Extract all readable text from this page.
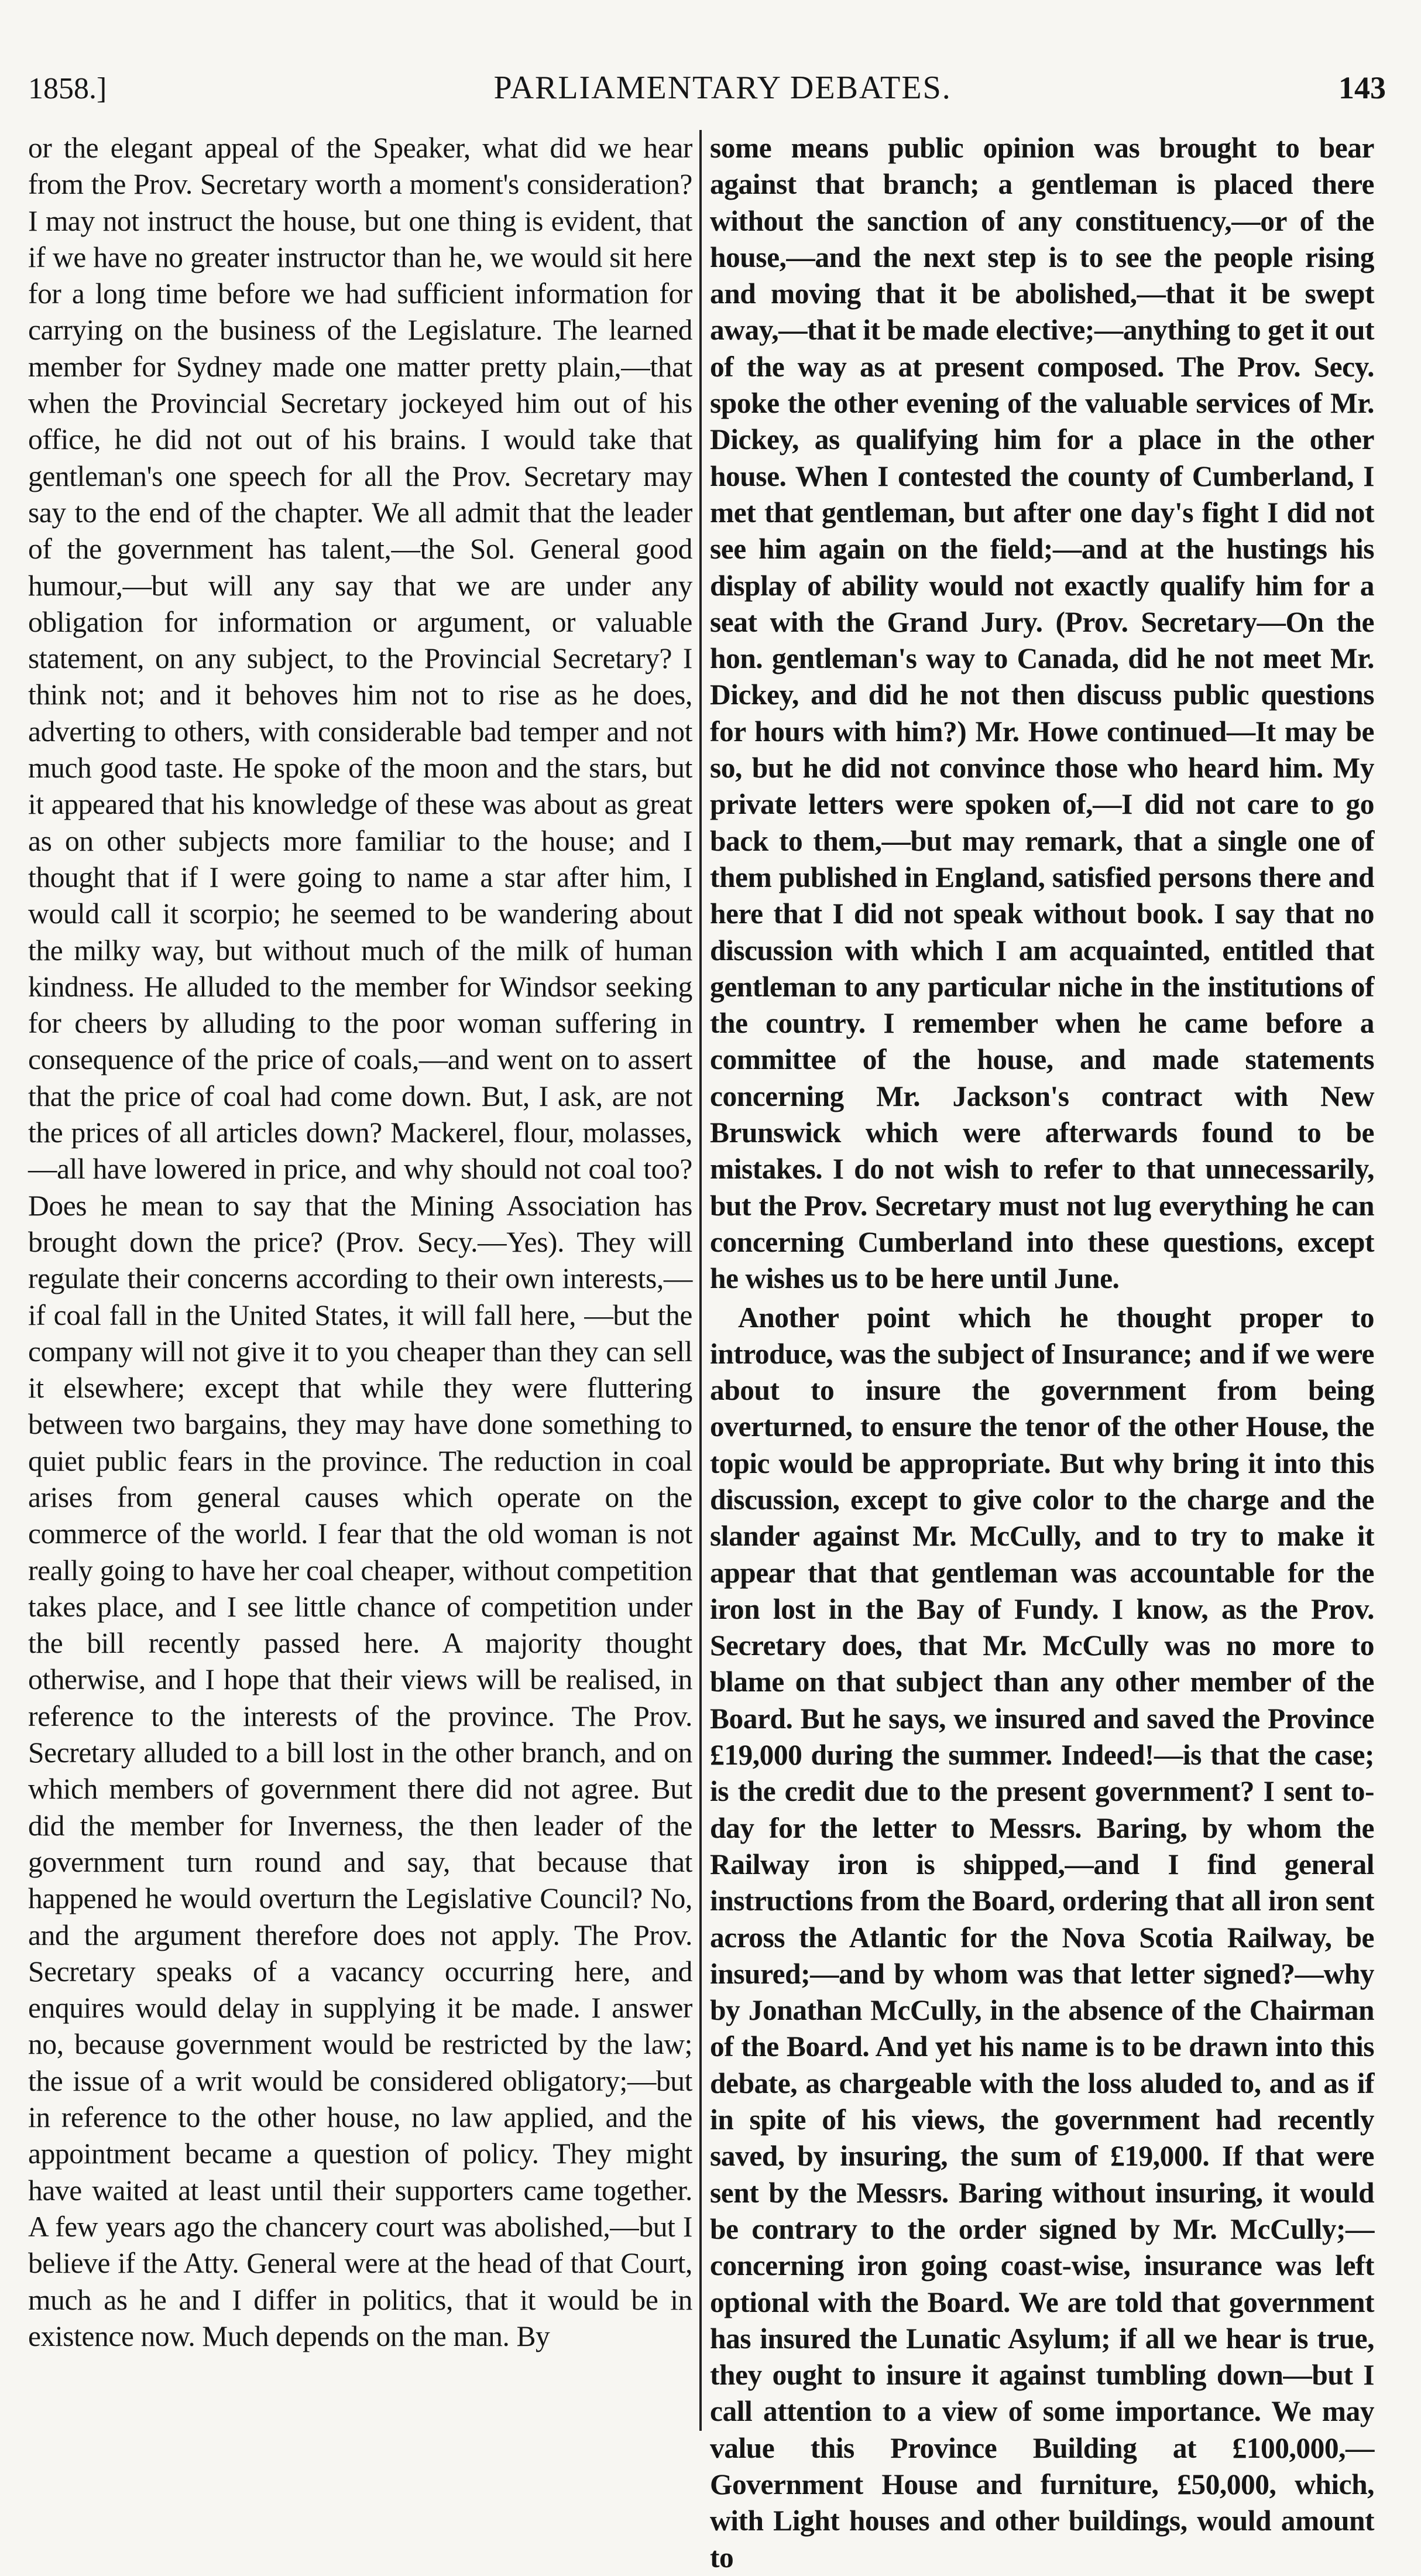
1858.]	PARLIAMENTARY DEBATES.	143

or the elegant appeal of the Speaker, what did we hear from the Prov. Secretary worth a moment's consideration? I may not instruct the house, but one thing is evident, that if we have no greater instructor than he, we would sit here for a long time before we had sufficient information for carrying on the business of the Legislature. The learned member for Sydney made one matter pretty plain,—that when the Provincial Secretary jockeyed him out of his office, he did not out of his brains. I would take that gentleman's one speech for all the Prov. Secretary may say to the end of the chapter. We all admit that the leader of the government has talent,—the Sol. General good humour,—but will any say that we are under any obligation for information or argument, or valuable statement, on any subject, to the Provincial Secretary? I think not; and it behoves him not to rise as he does, adverting to others, with considerable bad temper and not much good taste. He spoke of the moon and the stars, but it appeared that his knowledge of these was about as great as on other subjects more familiar to the house; and I thought that if I were going to name a star after him, I would call it scorpio; he seemed to be wandering about the milky way, but without much of the milk of human kindness. He alluded to the member for Windsor seeking for cheers by alluding to the poor woman suffering in consequence of the price of coals,—and went on to assert that the price of coal had come down. But, I ask, are not the prices of all articles down? Mackerel, flour, molasses,—all have lowered in price, and why should not coal too? Does he mean to say that the Mining Association has brought down the price? (Prov. Secy.—Yes). They will regulate their concerns according to their own interests,—if coal fall in the United States, it will fall here, —but the company will not give it to you cheaper than they can sell it elsewhere; except that while they were fluttering between two bargains, they may have done something to quiet public fears in the province. The reduction in coal arises from general causes which operate on the commerce of the world. I fear that the old woman is not really going to have her coal cheaper, without competition takes place, and I see little chance of competition under the bill recently passed here. A majority thought otherwise, and I hope that their views will be realised, in reference to the interests of the province. The Prov. Secretary alluded to a bill lost in the other branch, and on which members of government there did not agree. But did the member for Inverness, the then leader of the government turn round and say, that because that happened he would overturn the Legislative Council? No, and the argument therefore does not apply. The Prov. Secretary speaks of a vacancy occurring here, and enquires would delay in supplying it be made. I answer no, because government would be restricted by the law; the issue of a writ would be considered obligatory;—but in reference to the other house, no law applied, and the appointment became a question of policy. They might have waited at least until their supporters came together. A few years ago the chancery court was abolished,—but I believe if the Atty. General were at the head of that Court, much as he and I differ in politics, that it would be in existence now. Much depends on the man. By

some means public opinion was brought to bear against that branch; a gentleman is placed there without the sanction of any constituency,—or of the house,—and the next step is to see the people rising and moving that it be abolished,—that it be swept away,—that it be made elective;—anything to get it out of the way as at present composed. The Prov. Secy. spoke the other evening of the valuable services of Mr. Dickey, as qualifying him for a place in the other house. When I contested the county of Cumberland, I met that gentleman, but after one day's fight I did not see him again on the field;—and at the hustings his display of ability would not exactly qualify him for a seat with the Grand Jury. (Prov. Secretary—On the hon. gentleman's way to Canada, did he not meet Mr. Dickey, and did he not then discuss public questions for hours with him?) Mr. Howe continued—It may be so, but he did not convince those who heard him. My private letters were spoken of,—I did not care to go back to them,—but may remark, that a single one of them published in England, satisfied persons there and here that I did not speak without book. I say that no discussion with which I am acquainted, entitled that gentleman to any particular niche in the institutions of the country. I remember when he came before a committee of the house, and made statements concerning Mr. Jackson's contract with New Brunswick which were afterwards found to be mistakes. I do not wish to refer to that unnecessarily, but the Prov. Secretary must not lug everything he can concerning Cumberland into these questions, except he wishes us to be here until June.

Another point which he thought proper to introduce, was the subject of Insurance; and if we were about to insure the government from being overturned, to ensure the tenor of the other House, the topic would be appropriate. But why bring it into this discussion, except to give color to the charge and the slander against Mr. McCully, and to try to make it appear that that gentleman was accountable for the iron lost in the Bay of Fundy. I know, as the Prov. Secretary does, that Mr. McCully was no more to blame on that subject than any other member of the Board. But he says, we insured and saved the Province £19,000 during the summer. Indeed!—is that the case; is the credit due to the present government? I sent to-day for the letter to Messrs. Baring, by whom the Railway iron is shipped,—and I find general instructions from the Board, ordering that all iron sent across the Atlantic for the Nova Scotia Railway, be insured;—and by whom was that letter signed?—why by Jonathan McCully, in the absence of the Chairman of the Board. And yet his name is to be drawn into this debate, as chargeable with the loss aluded to, and as if in spite of his views, the government had recently saved, by insuring, the sum of £19,000. If that were sent by the Messrs. Baring without insuring, it would be contrary to the order signed by Mr. McCully;—concerning iron going coast-wise, insurance was left optional with the Board. We are told that government has insured the Lunatic Asylum; if all we hear is true, they ought to insure it against tumbling down—but I call attention to a view of some importance. We may value this Province Building at £100,000,—Government House and furniture, £50,000, which, with Light houses and other buildings, would amount to
